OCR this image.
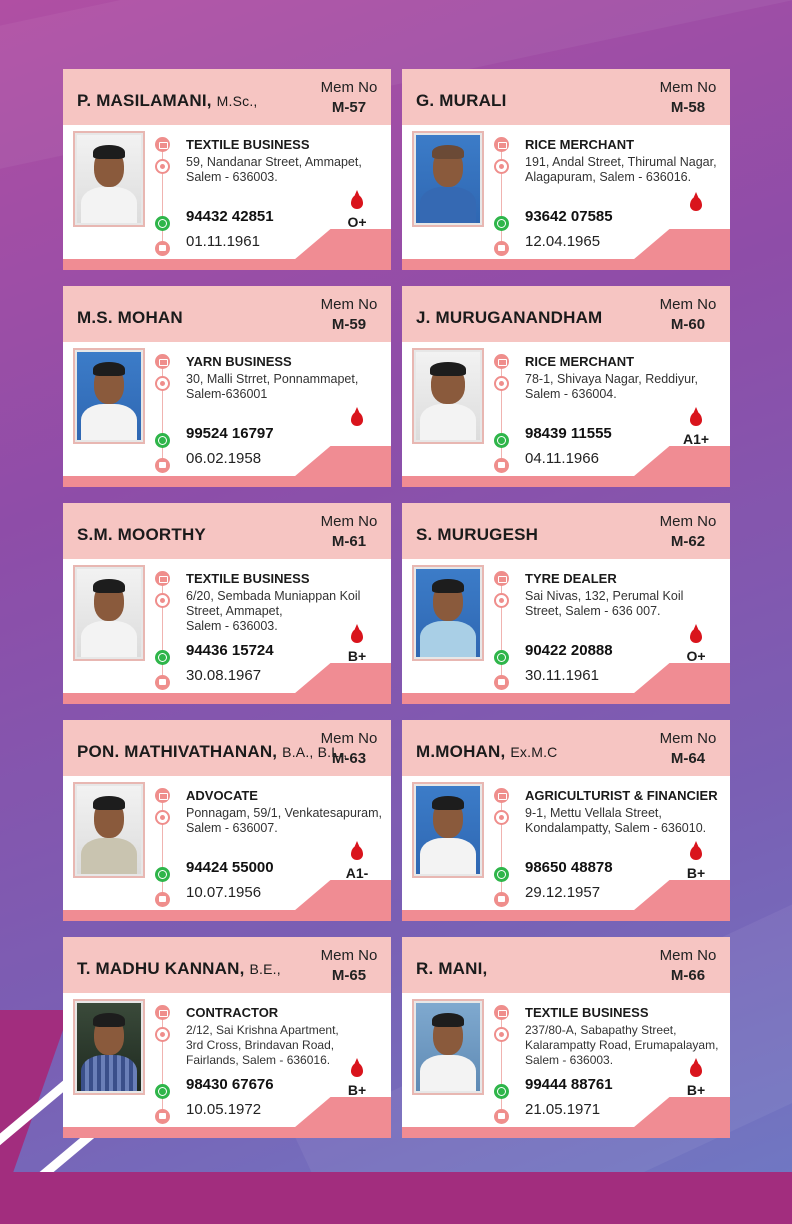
P. MASILAMANI, M.Sc.,
Mem No
M-57
TEXTILE BUSINESS
59, Nandanar Street, Ammapet,
Salem - 636003.
94432 42851
01.11.1961
O+
G. MURALI
Mem No
M-58
RICE MERCHANT
191, Andal Street, Thirumal Nagar,
Alagapuram, Salem - 636016.
93642 07585
12.04.1965
M.S. MOHAN
Mem No
M-59
YARN BUSINESS
30, Malli Strret, Ponnammapet,
Salem-636001
99524 16797
06.02.1958
J. MURUGANANDHAM
Mem No
M-60
RICE MERCHANT
78-1, Shivaya Nagar, Reddiyur,
Salem - 636004.
98439 11555
04.11.1966
A1+
S.M. MOORTHY
Mem No
M-61
TEXTILE BUSINESS
6/20, Sembada Muniappan Koil
Street, Ammapet,
Salem - 636003.
94436 15724
30.08.1967
B+
S. MURUGESH
Mem No
M-62
TYRE DEALER
Sai Nivas, 132, Perumal Koil
Street, Salem - 636 007.
90422 20888
30.11.1961
O+
PON. MATHIVATHANAN, B.A., B.L.,
Mem No
M-63
ADVOCATE
Ponnagam, 59/1, Venkatesapuram,
Salem - 636007.
94424 55000
10.07.1956
A1-
M.MOHAN, Ex.M.C
Mem No
M-64
AGRICULTURIST & FINANCIER
9-1, Mettu Vellala Street,
Kondalampatty, Salem - 636010.
98650 48878
29.12.1957
B+
T. MADHU KANNAN, B.E.,
Mem No
M-65
CONTRACTOR
2/12, Sai Krishna Apartment,
3rd Cross, Brindavan Road,
Fairlands, Salem - 636016.
98430 67676
10.05.1972
B+
R. MANI,
Mem No
M-66
TEXTILE BUSINESS
237/80-A, Sabapathy Street,
Kalarampatty Road, Erumapalayam,
Salem - 636003.
99444 88761
21.05.1971
B+
